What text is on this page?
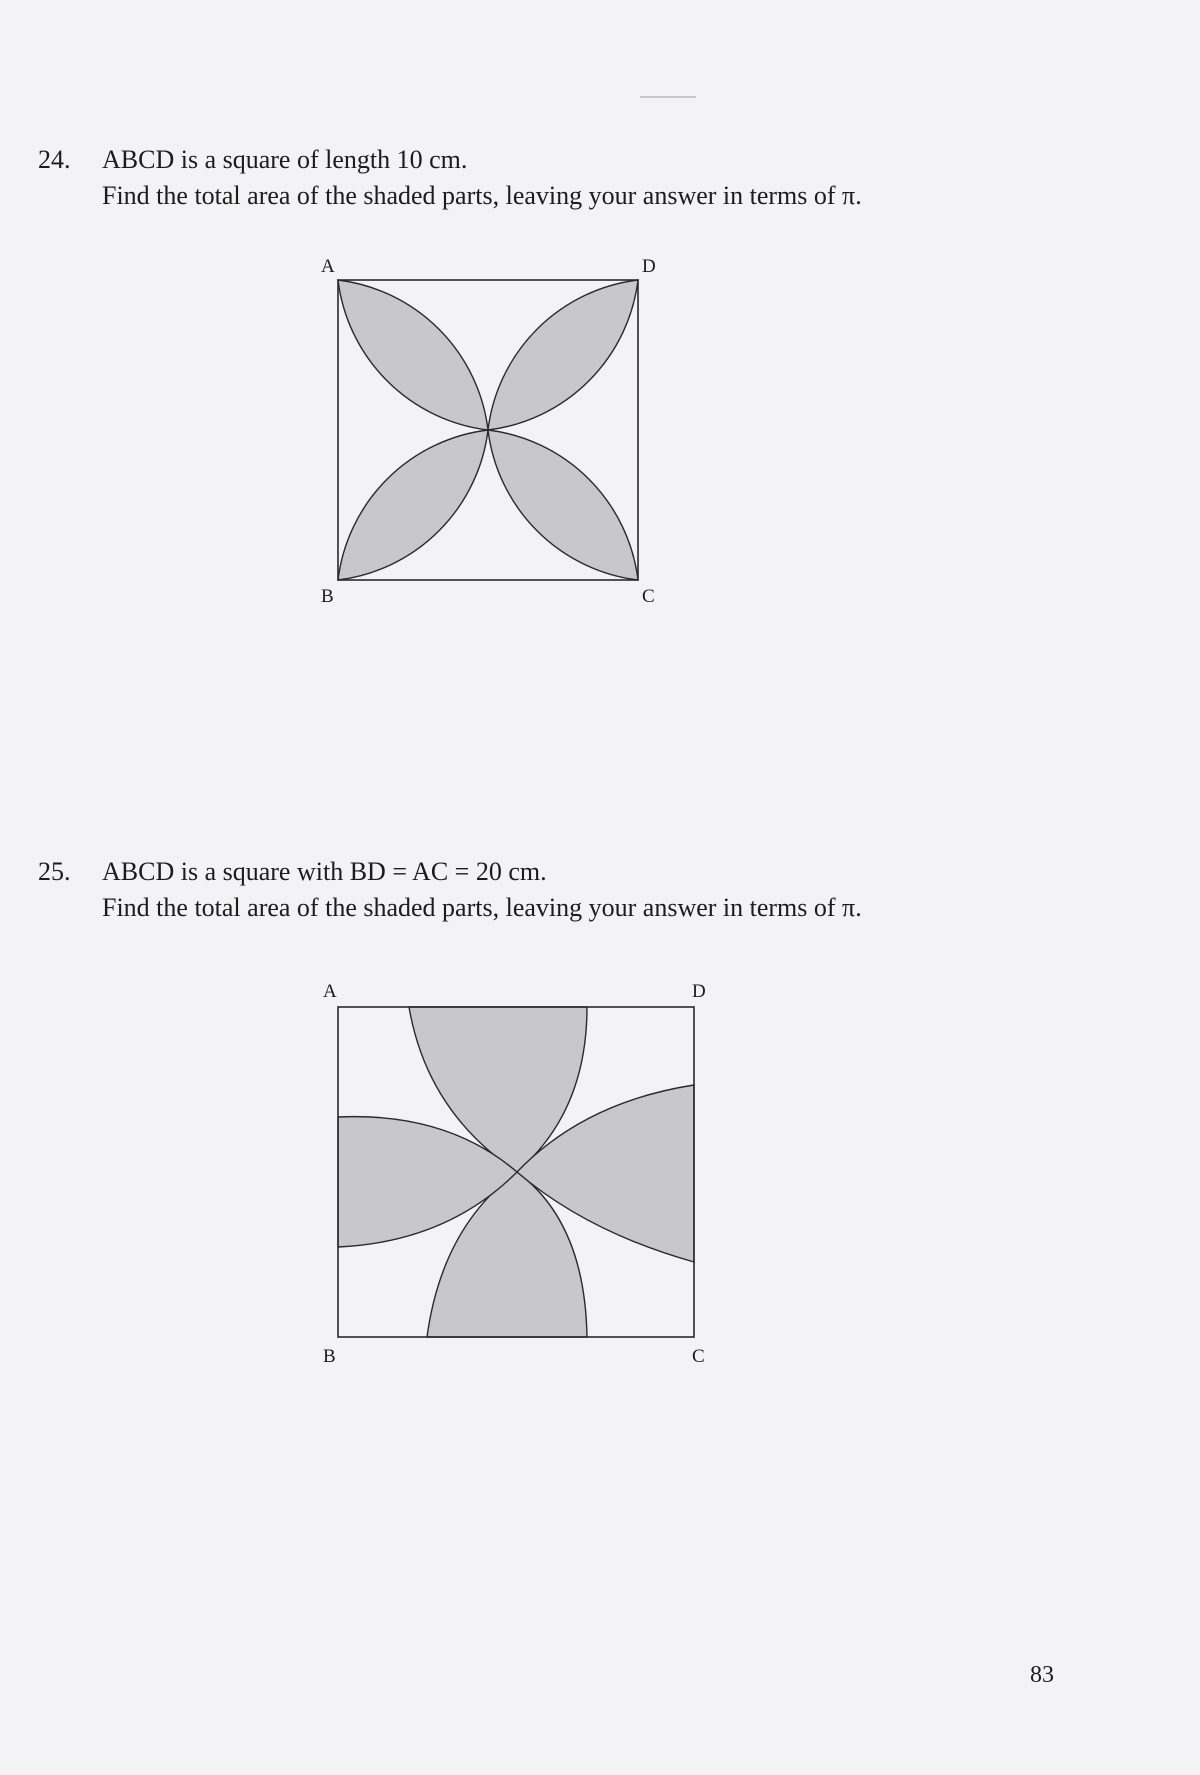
24.	ABCD is a square of length 10 cm.
Find the total area of the shaded parts, leaving your answer in terms of π.
A	D
B	C
25.	ABCD is a square with BD = AC = 20 cm.
Find the total area of the shaded parts, leaving your answer in terms of π.
A	D
B	C
83
